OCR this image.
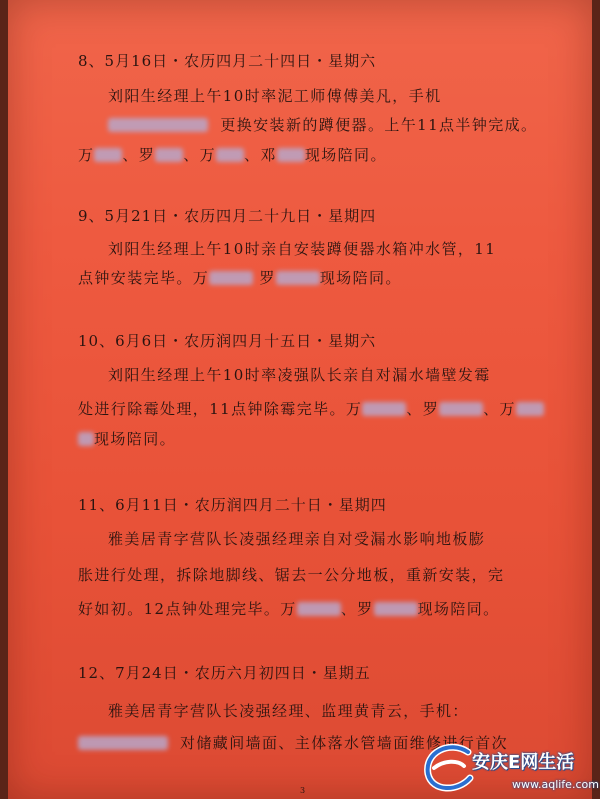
8、5月16日・农历四月二十四日・星期六
刘阳生经理上午10时率泥工师傅傅美凡，手机
更换安装新的蹲便器。上午11点半钟完成。
万 、罗 、万 、邓 现场陪同。
9、5月21日・农历四月二十九日・星期四
刘阳生经理上午10时亲自安装蹲便器水箱冲水管，11
点钟安装完毕。万	罗	现场陪同。
10、6月6日・农历润四月十五日・星期六
刘阳生经理上午10时率凌强队长亲自对漏水墙壁发霉
处进行除霉处理，11点钟除霉完毕。万	、罗	、万
现场陪同。
11、6月11日・农历润四月二十日・星期四
雅美居青字营队长凌强经理亲自对受漏水影响地板膨
胀进行处理，拆除地脚线、锯去一公分地板，重新安装，完
好如初。12点钟处理完毕。万	、罗	现场陪同。
12、7月24日・农历六月初四日・星期五
雅美居青字营队长凌强经理、监理黄青云，手机：
对储藏间墙面、主体落水管墙面维修进行首次
3
安庆E网生活
www.aqlife.com
